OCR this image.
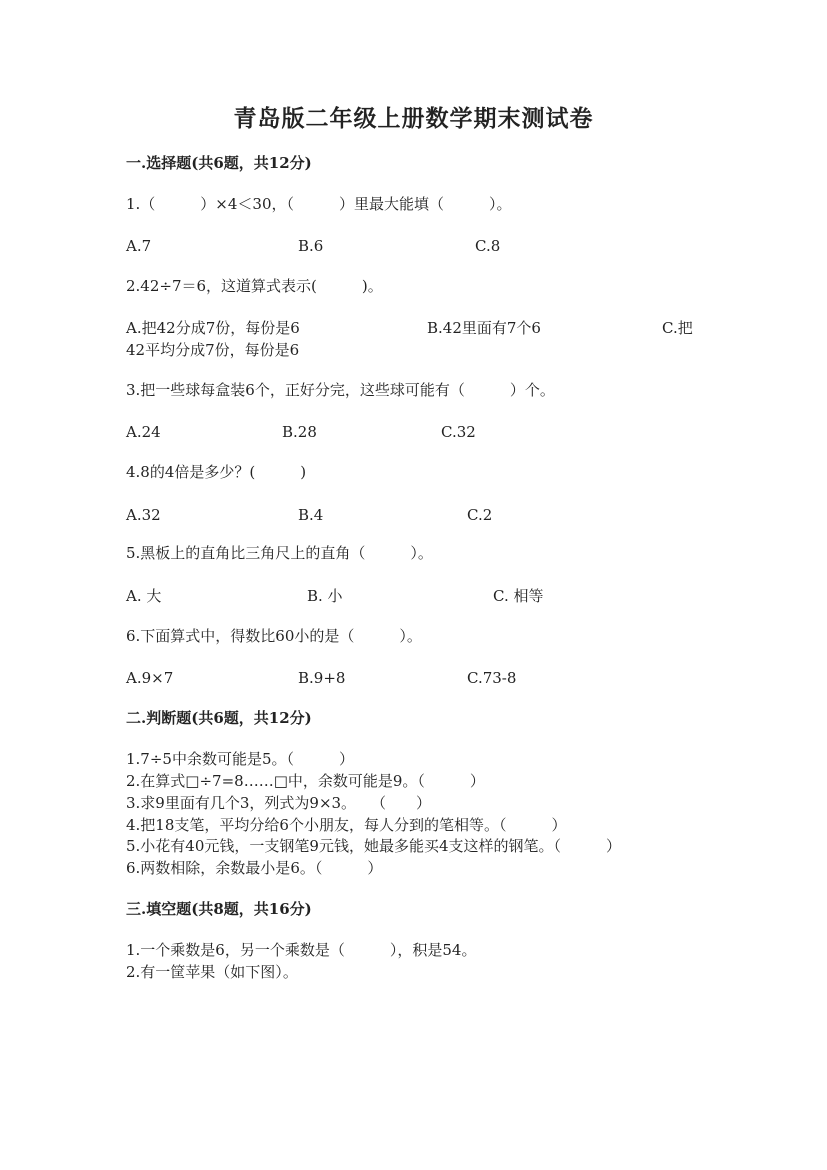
青岛版二年级上册数学期末测试卷
一.选择题(共6题，共12分)
1.（　　　）×4＜30，（　　　）里最大能填（　　　）。
A.7	B.6	C.8
2.42÷7＝6，这道算式表示(　　　)。
A.把42分成7份，每份是6	B.42里面有7个6	C.把
42平均分成7份，每份是6
3.把一些球每盒装6个，正好分完，这些球可能有（　　　）个。
A.24	B.28	C.32
4.8的4倍是多少？(　　　)
A.32	B.4	C.2
5.黑板上的直角比三角尺上的直角（　　　）。
A. 大	B. 小	C. 相等
6.下面算式中，得数比60小的是（　　　）。
A.9×7	B.9+8	C.73-8
二.判断题(共6题，共12分)
1.7÷5中余数可能是5。（　　　）
2.在算式□÷7=8……□中，余数可能是9。（　　　）
3.求9里面有几个3，列式为9×3。　　（　　）
4.把18支笔，平均分给6个小朋友，每人分到的笔相等。（　　　）
5.小花有40元钱，一支钢笔9元钱，她最多能买4支这样的钢笔。（　　　）
6.两数相除，余数最小是6。（　　　）
三.填空题(共8题，共16分)
1.一个乘数是6，另一个乘数是（　　　），积是54。
2.有一筐苹果（如下图）。
